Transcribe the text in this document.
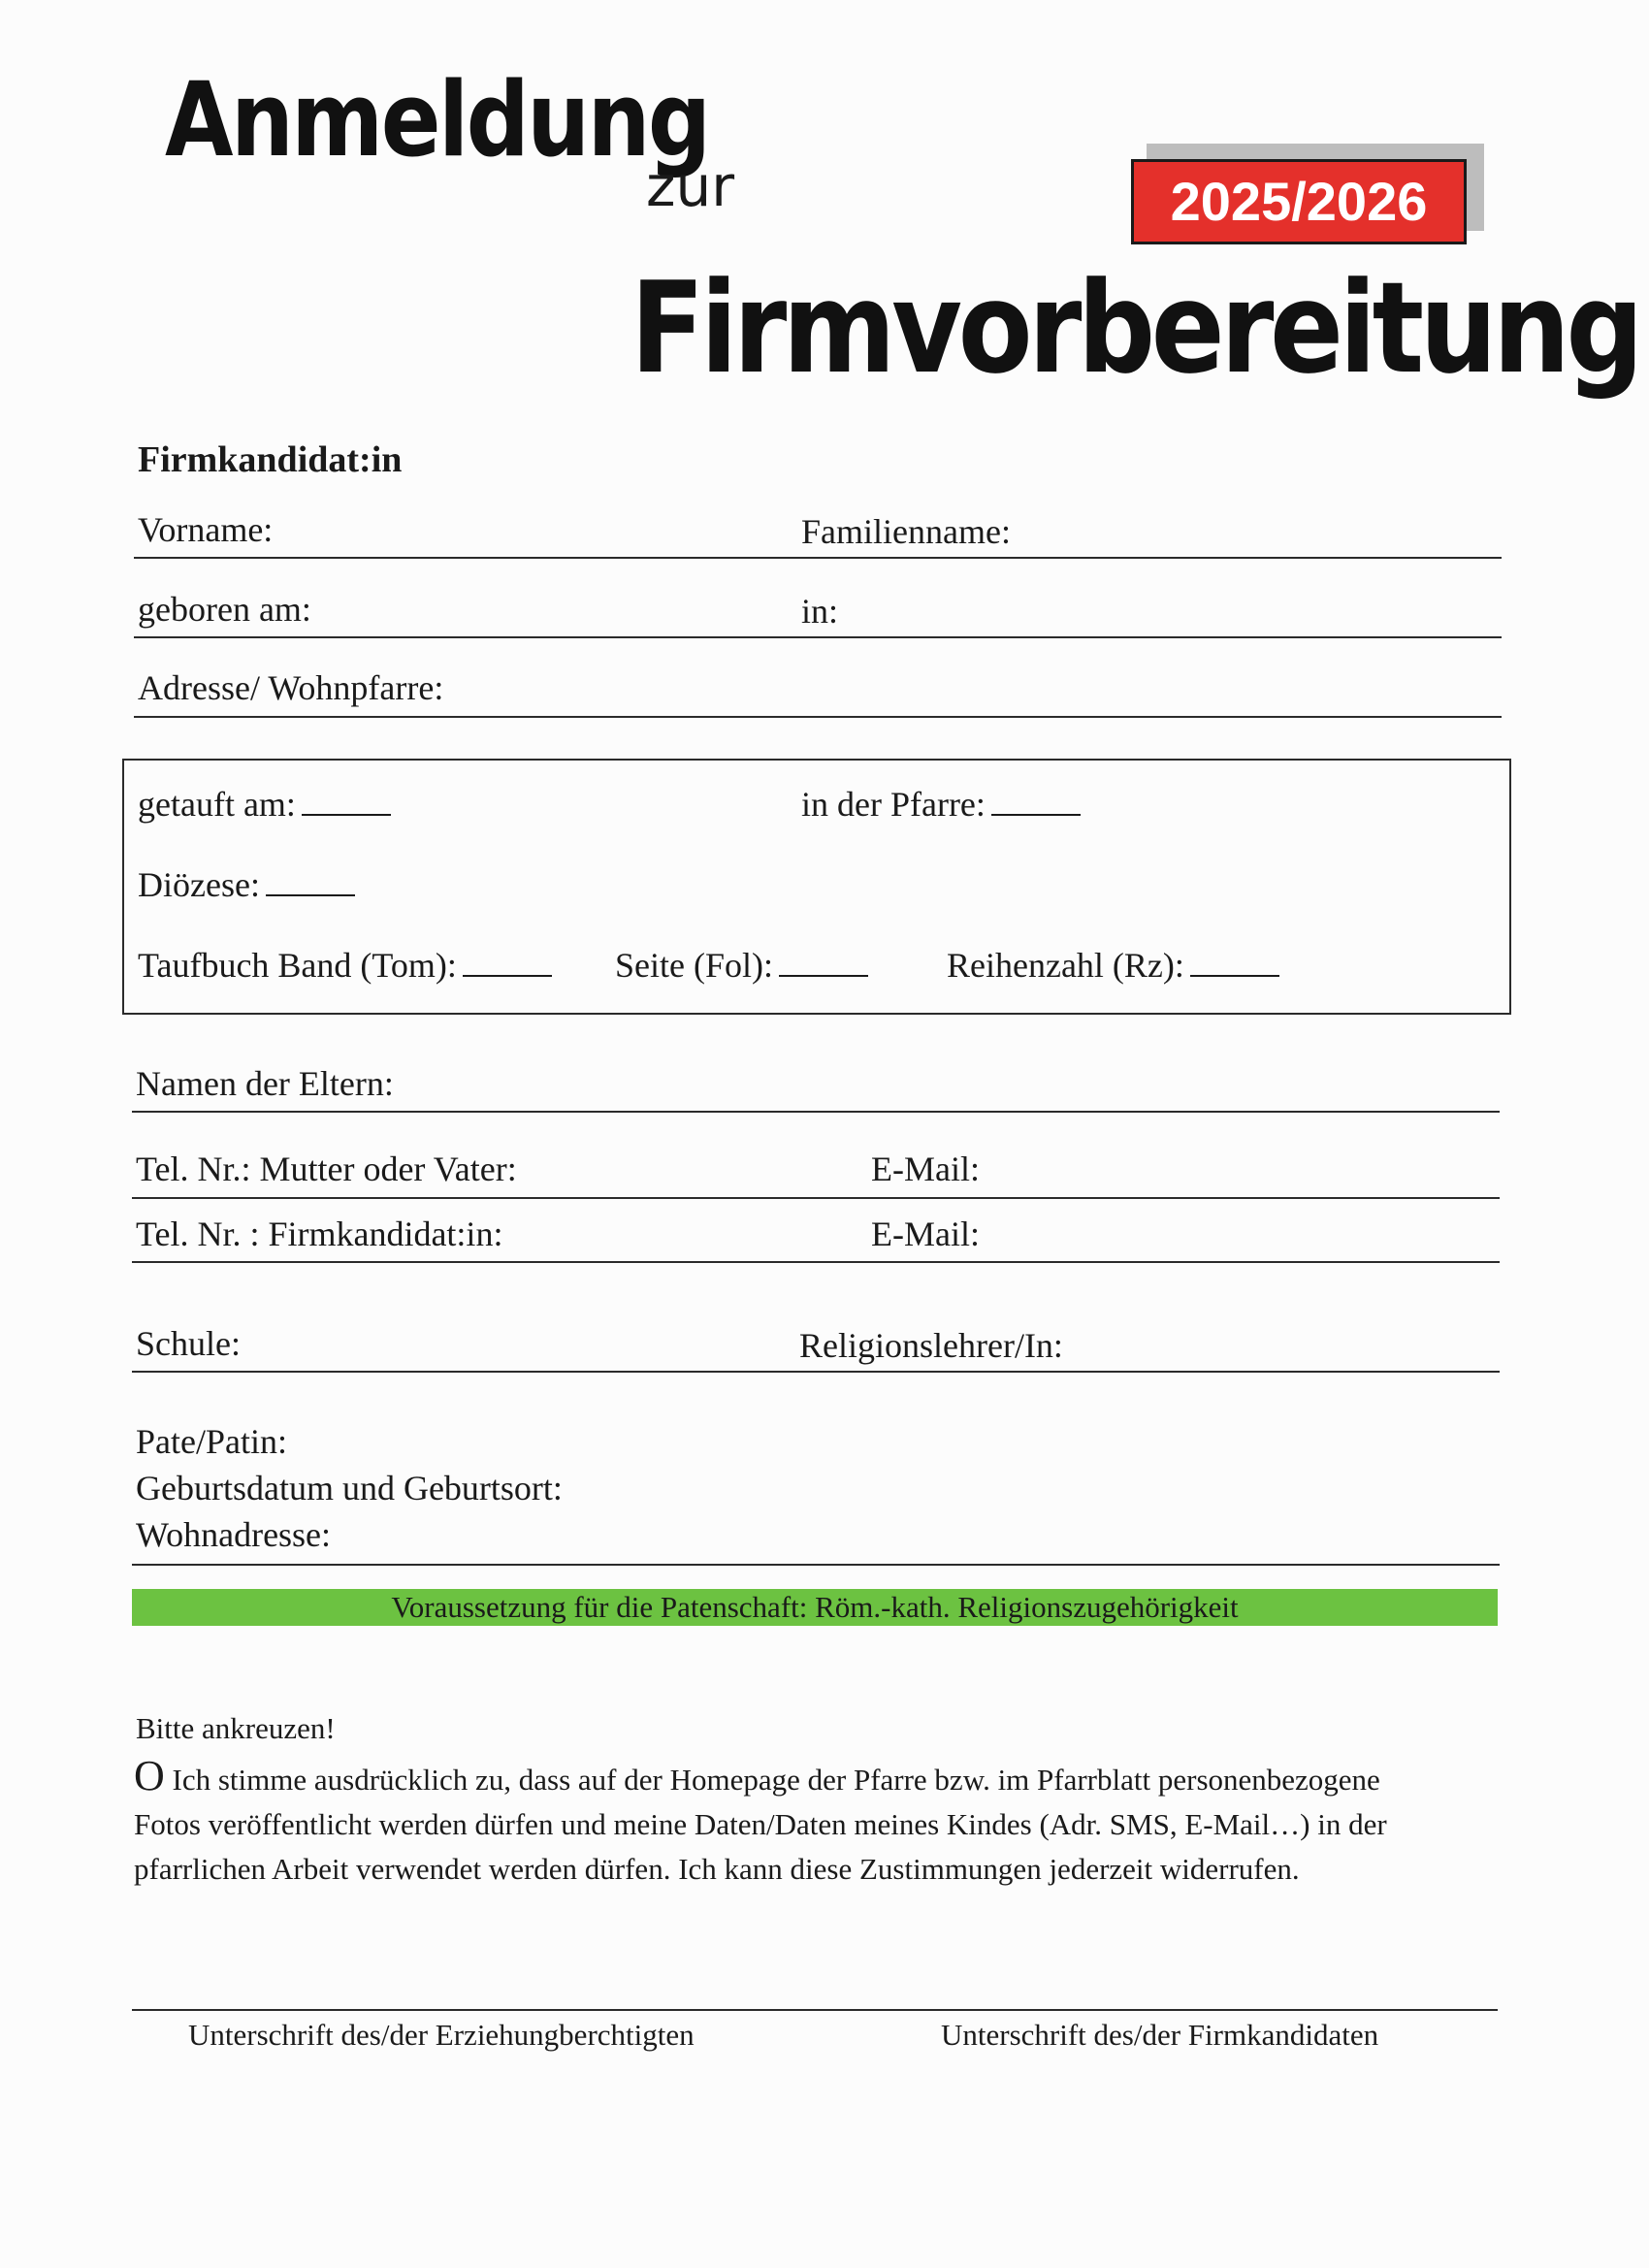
Anmeldung
zur
Firmvorbereitung
2025/2026
Firmkandidat:in
Vorname:	Familienname:
geboren am:	in:
Adresse/ Wohnpfarre:
getauft am:	in der Pfarre:
Diözese:
Taufbuch Band (Tom):	Seite (Fol):	Reihenzahl (Rz):
Namen der Eltern:
Tel. Nr.: Mutter oder Vater:	E-Mail:
Tel. Nr. : Firmkandidat:in:	E-Mail:
Schule:	Religionslehrer/In:
Pate/Patin:
Geburtsdatum und Geburtsort:
Wohnadresse:
Voraussetzung für die Patenschaft: Röm.-kath. Religionszugehörigkeit
Bitte ankreuzen!
O Ich stimme ausdrücklich zu, dass auf der Homepage der Pfarre bzw. im Pfarrblatt personenbezogene
Fotos veröffentlicht werden dürfen und meine Daten/Daten meines Kindes (Adr. SMS, E-Mail…) in der
pfarrlichen Arbeit verwendet werden dürfen. Ich kann diese Zustimmungen jederzeit widerrufen.
Unterschrift des/der Erziehungberchtigten	Unterschrift des/der Firmkandidaten
